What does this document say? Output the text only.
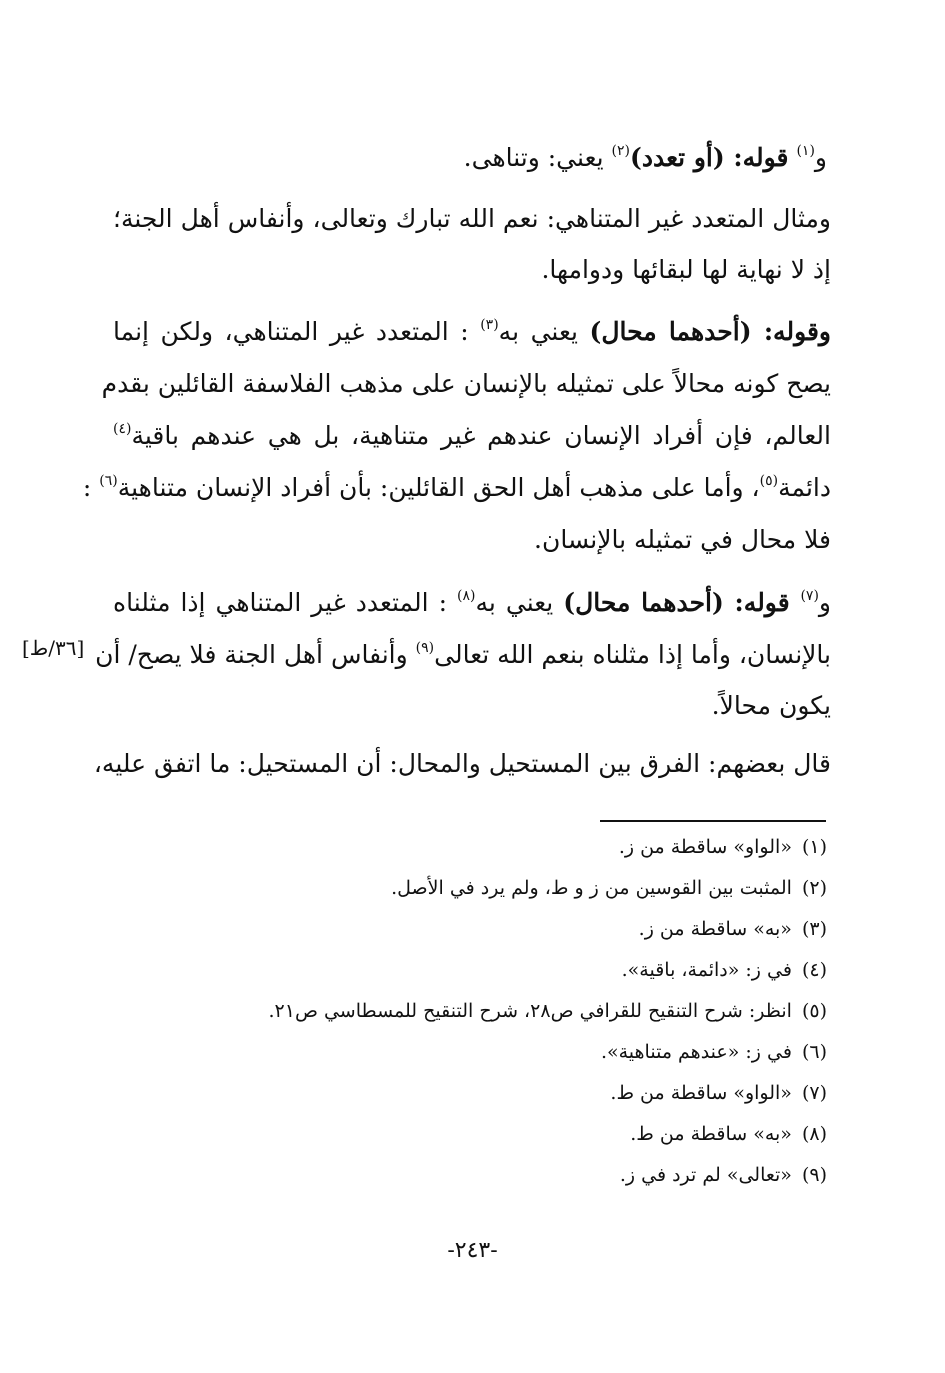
و$^{(١)}$ قوله: (أو تعدد)$^{(٢)}$ يعني: وتناهى.
ومثال المتعدد غير المتناهي: نعم الله تبارك وتعالى، وأنفاس أهل الجنة؛
إذ لا نهاية لها لبقائها ودوامها.
وقوله: (أحدهما محال) يعني به$^{(٣)}$ : المتعدد غير المتناهي، ولكن إنما
يصح كونه محالاً على تمثيله بالإنسان على مذهب الفلاسفة القائلين بقدم
العالم، فإن أفراد الإنسان عندهم غير متناهية، بل هي عندهم باقية$^{(٤)}$
دائمة$^{(٥)}$، وأما على مذهب أهل الحق القائلين: بأن أفراد الإنسان متناهية$^{(٦)}$ :
فلا محال في تمثيله بالإنسان.
و$^{(٧)}$ قوله: (أحدهما محال) يعني به$^{(٨)}$ : المتعدد غير المتناهي إذا مثلناه
بالإنسان، وأما إذا مثلناه بنعم الله تعالى$^{(٩)}$ وأنفاس أهل الجنة فلا يصح/ أن
يكون محالاً.
[٣٦/ط]
قال بعضهم: الفرق بين المستحيل والمحال: أن المستحيل: ما اتفق عليه،
(١)«الواو» ساقطة من ز.
(٢)المثبت بين القوسين من ز و ط، ولم يرد في الأصل.
(٣)«به» ساقطة من ز.
(٤)في ز: «دائمة، باقية».
(٥)انظر: شرح التنقيح للقرافي ص٢٨، شرح التنقيح للمسطاسي ص٢١.
(٦)في ز: «عندهم متناهية».
(٧)«الواو» ساقطة من ط.
(٨)«به» ساقطة من ط.
(٩)«تعالى» لم ترد في ز.
-٢٤٣-
